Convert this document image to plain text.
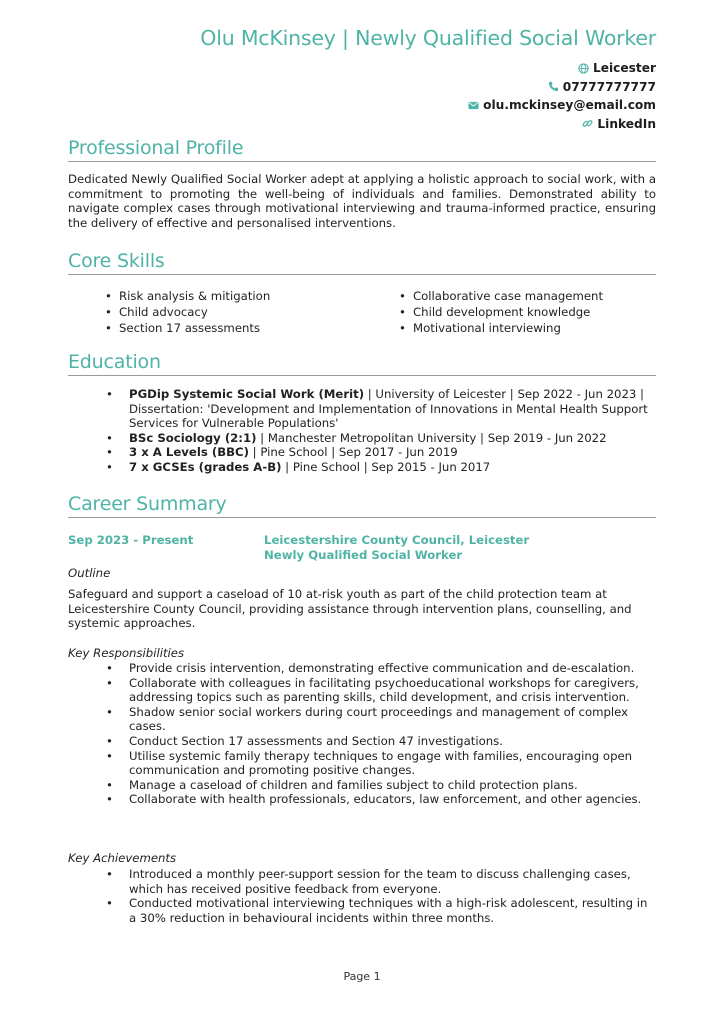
Olu McKinsey | Newly Qualified Social Worker
Leicester
07777777777
olu.mckinsey@email.com
LinkedIn
Professional Profile

Dedicated Newly Qualified Social Worker adept at applying a holistic approach to social work, with a commitment to promoting the well-being of individuals and families. Demonstrated ability to navigate complex cases through motivational interviewing and trauma-informed practice, ensuring the delivery of effective and personalised interventions.

Core Skills
• Risk analysis & mitigation
• Child advocacy
• Section 17 assessments
• Collaborative case management
• Child development knowledge
• Motivational interviewing
Education
• PGDip Systemic Social Work (Merit) | University of Leicester | Sep 2022 - Jun 2023 | Dissertation: 'Development and Implementation of Innovations in Mental Health Support Services for Vulnerable Populations'
• BSc Sociology (2:1) | Manchester Metropolitan University | Sep 2019 - Jun 2022
• 3 x A Levels (BBC) | Pine School | Sep 2017 - Jun 2019
• 7 x GCSEs (grades A-B) | Pine School | Sep 2015 - Jun 2017
Career Summary
Sep 2023 - Present	Leicestershire County Council, Leicester
Newly Qualified Social Worker

Outline

Safeguard and support a caseload of 10 at-risk youth as part of the child protection team at Leicestershire County Council, providing assistance through intervention plans, counselling, and systemic approaches.

Key Responsibilities

• Provide crisis intervention, demonstrating effective communication and de-escalation.
• Collaborate with colleagues in facilitating psychoeducational workshops for caregivers, addressing topics such as parenting skills, child development, and crisis intervention.
• Shadow senior social workers during court proceedings and management of complex cases.
• Conduct Section 17 assessments and Section 47 investigations.
• Utilise systemic family therapy techniques to engage with families, encouraging open communication and promoting positive changes.
• Manage a caseload of children and families subject to child protection plans.
• Collaborate with health professionals, educators, law enforcement, and other agencies.

Key Achievements

• Introduced a monthly peer-support session for the team to discuss challenging cases, which has received positive feedback from everyone.
• Conducted motivational interviewing techniques with a high-risk adolescent, resulting in a 30% reduction in behavioural incidents within three months.
Page 1
